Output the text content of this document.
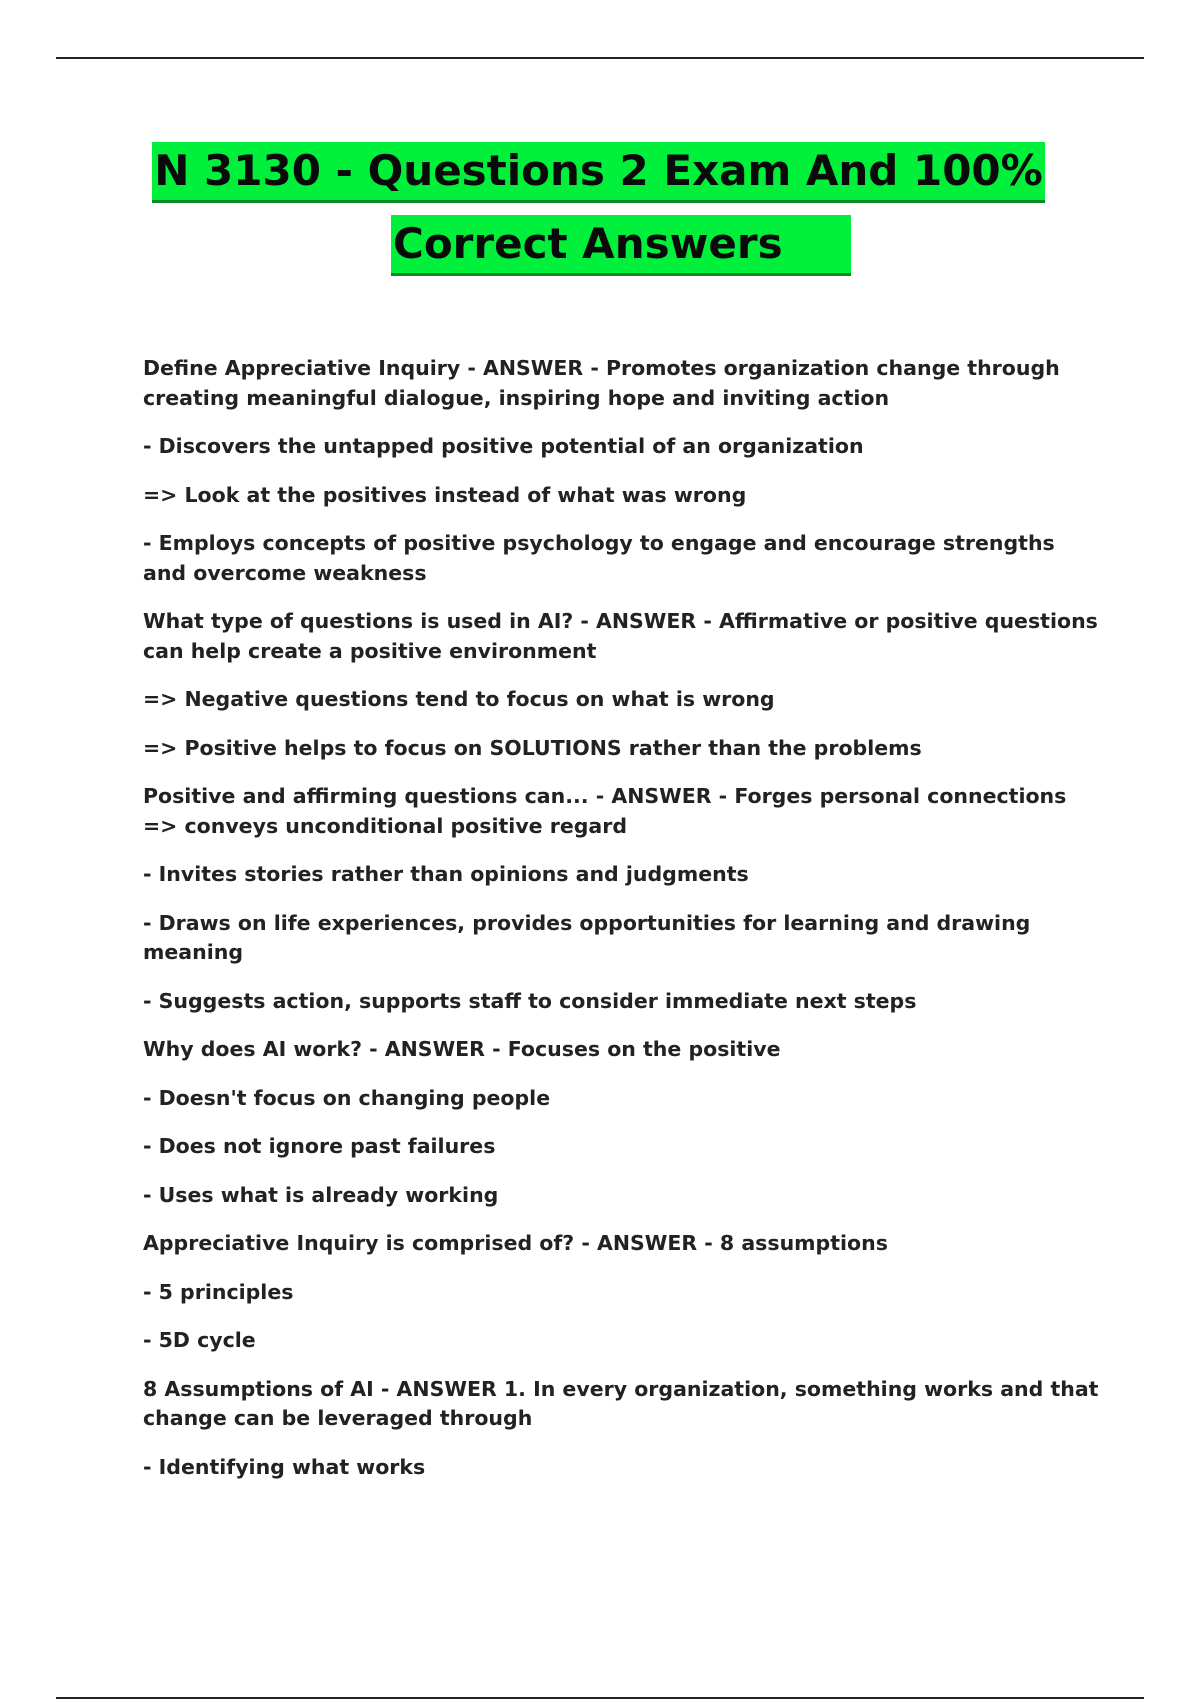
N 3130 - Questions 2 Exam And 100%
Correct Answers

Define Appreciative Inquiry - ANSWER - Promotes organization change through creating meaningful dialogue, inspiring hope and inviting action

- Discovers the untapped positive potential of an organization

=> Look at the positives instead of what was wrong

- Employs concepts of positive psychology to engage and encourage strengths and overcome weakness

What type of questions is used in AI? - ANSWER - Affirmative or positive questions can help create a positive environment

=> Negative questions tend to focus on what is wrong

=> Positive helps to focus on SOLUTIONS rather than the problems

Positive and affirming questions can... - ANSWER - Forges personal connections => conveys unconditional positive regard

- Invites stories rather than opinions and judgments

- Draws on life experiences, provides opportunities for learning and drawing meaning

- Suggests action, supports staff to consider immediate next steps

Why does AI work? - ANSWER - Focuses on the positive

- Doesn't focus on changing people

- Does not ignore past failures

- Uses what is already working

Appreciative Inquiry is comprised of? - ANSWER - 8 assumptions

- 5 principles

- 5D cycle

8 Assumptions of AI - ANSWER 1. In every organization, something works and that change can be leveraged through

- Identifying what works
